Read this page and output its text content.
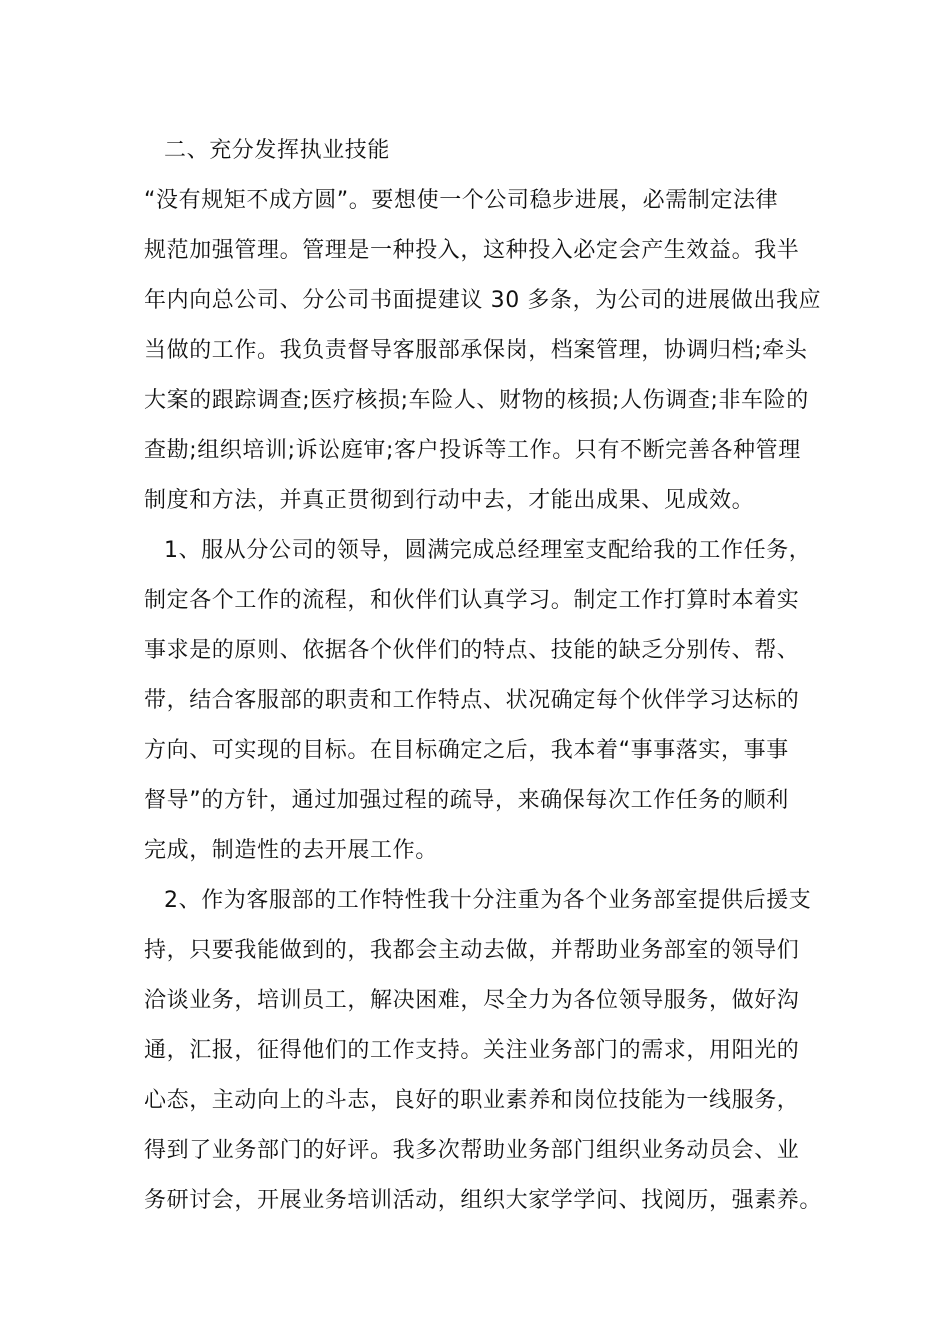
二、充分发挥执业技能
“没有规矩不成方圆”。要想使一个公司稳步进展，必需制定法律
规范加强管理。管理是一种投入，这种投入必定会产生效益。我半
年内向总公司、分公司书面提建议 30 多条，为公司的进展做出我应
当做的工作。我负责督导客服部承保岗，档案管理，协调归档;牵头
大案的跟踪调查;医疗核损;车险人、财物的核损;人伤调查;非车险的
查勘;组织培训;诉讼庭审;客户投诉等工作。只有不断完善各种管理
制度和方法，并真正贯彻到行动中去，才能出成果、见成效。
1、服从分公司的领导，圆满完成总经理室支配给我的工作任务，
制定各个工作的流程，和伙伴们认真学习。制定工作打算时本着实
事求是的原则、依据各个伙伴们的特点、技能的缺乏分别传、帮、
带，结合客服部的职责和工作特点、状况确定每个伙伴学习达标的
方向、可实现的目标。在目标确定之后，我本着“事事落实，事事
督导”的方针，通过加强过程的疏导，来确保每次工作任务的顺利
完成，制造性的去开展工作。
2、作为客服部的工作特性我十分注重为各个业务部室提供后援支
持，只要我能做到的，我都会主动去做，并帮助业务部室的领导们
洽谈业务，培训员工，解决困难，尽全力为各位领导服务，做好沟
通，汇报，征得他们的工作支持。关注业务部门的需求，用阳光的
心态，主动向上的斗志，良好的职业素养和岗位技能为一线服务，
得到了业务部门的好评。我多次帮助业务部门组织业务动员会、业
务研讨会，开展业务培训活动，组织大家学学问、找阅历，强素养。
